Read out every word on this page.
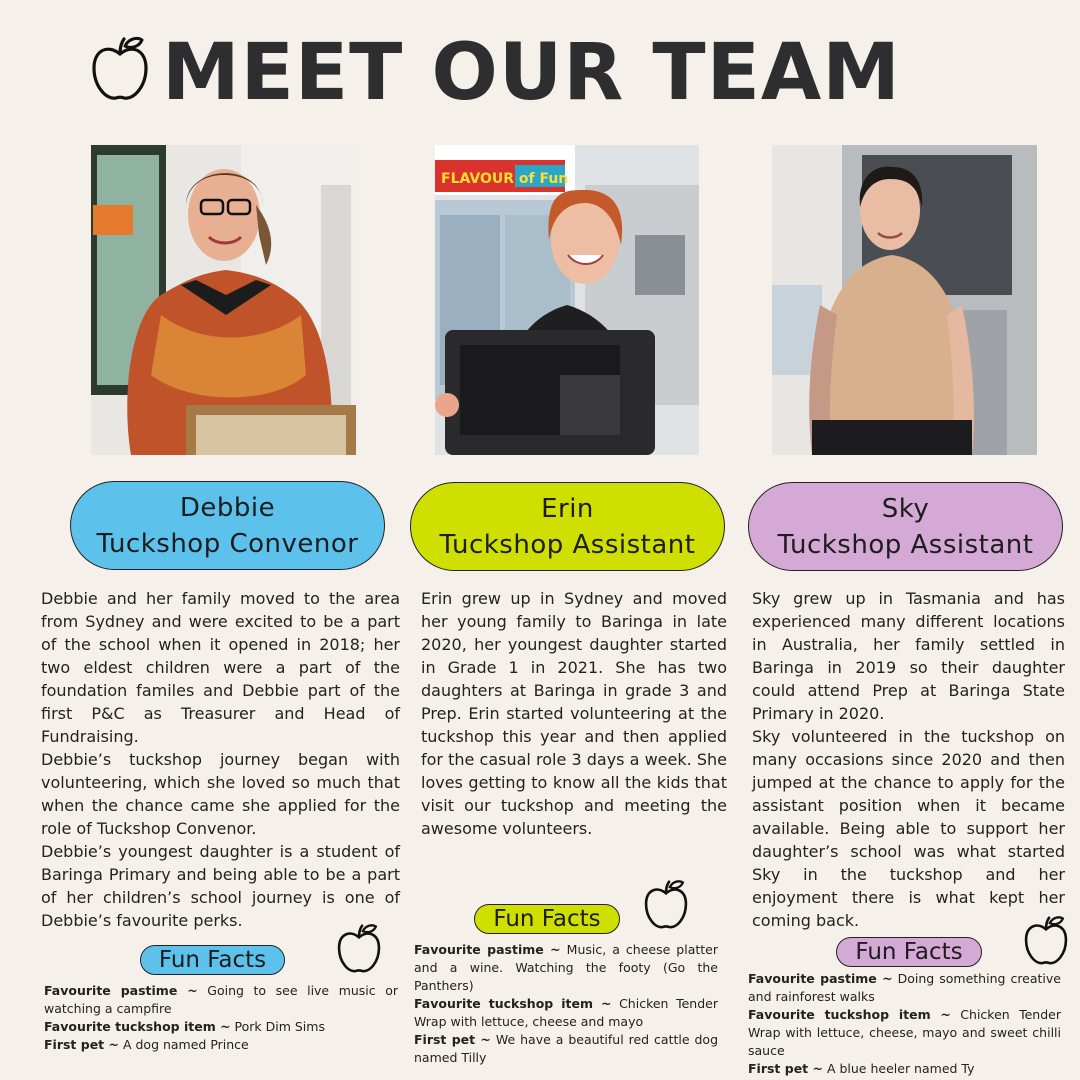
MEET OUR TEAM
FLAVOUR of Fun
Debbie
Tuckshop Convenor
Erin
Tuckshop Assistant
Sky
Tuckshop Assistant

Debbie and her family moved to the area from Sydney and were excited to be a part of the school when it opened in 2018; her two eldest children were a part of the foundation familes and Debbie part of the first P&C as Treasurer and Head of Fundraising.

Debbie’s tuckshop journey began with volunteering, which she loved so much that when the chance came she applied for the role of Tuckshop Convenor.

Debbie’s youngest daughter is a student of Baringa Primary and being able to be a part of her children’s school journey is one of Debbie’s favourite perks.

Erin grew up in Sydney and moved her young family to Baringa in late 2020, her youngest daughter started in Grade 1 in 2021. She has two daughters at Baringa in grade 3 and Prep. Erin started volunteering at the tuckshop this year and then applied for the casual role 3 days a week. She loves getting to know all the kids that visit our tuckshop and meeting the awesome volunteers.

Sky grew up in Tasmania and has experienced many different locations in Australia, her family settled in Baringa in 2019 so their daughter could attend Prep at Baringa State Primary in 2020.

Sky volunteered in the tuckshop on many occasions since 2020 and then jumped at the chance to apply for the assistant position when it became available. Being able to support her daughter’s school was what started Sky in the tuckshop and her enjoyment there is what kept her coming back.

Fun Facts
Fun Facts
Fun Facts

Favourite pastime ~ Going to see live music or watching a campfire

Favourite tuckshop item ~ Pork Dim Sims

First pet ~ A dog named Prince

Favourite pastime ~ Music, a cheese platter and a wine. Watching the footy (Go the Panthers)

Favourite tuckshop item ~ Chicken Tender Wrap with lettuce, cheese and mayo

First pet ~ We have a beautiful red cattle dog named Tilly

Favourite pastime ~ Doing something creative and rainforest walks

Favourite tuckshop item ~ Chicken Tender Wrap with lettuce, cheese, mayo and sweet chilli sauce

First pet ~ A blue heeler named Ty
